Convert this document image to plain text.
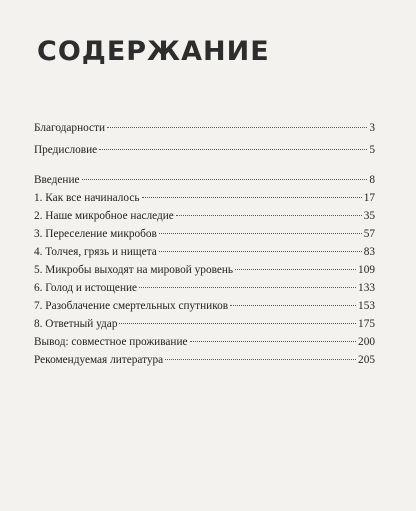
СОДЕРЖАНИЕ
Благодарности	3
Предисловие	5
Введение	8
1. Как все начиналось	17
2. Наше микробное наследие	35
3. Переселение микробов	57
4. Толчея, грязь и нищета	83
5. Микробы выходят на мировой уровень	109
6. Голод и истощение	133
7. Разоблачение смертельных спутников	153
8. Ответный удар	175
Вывод: совместное проживание	200
Рекомендуемая литература	205
